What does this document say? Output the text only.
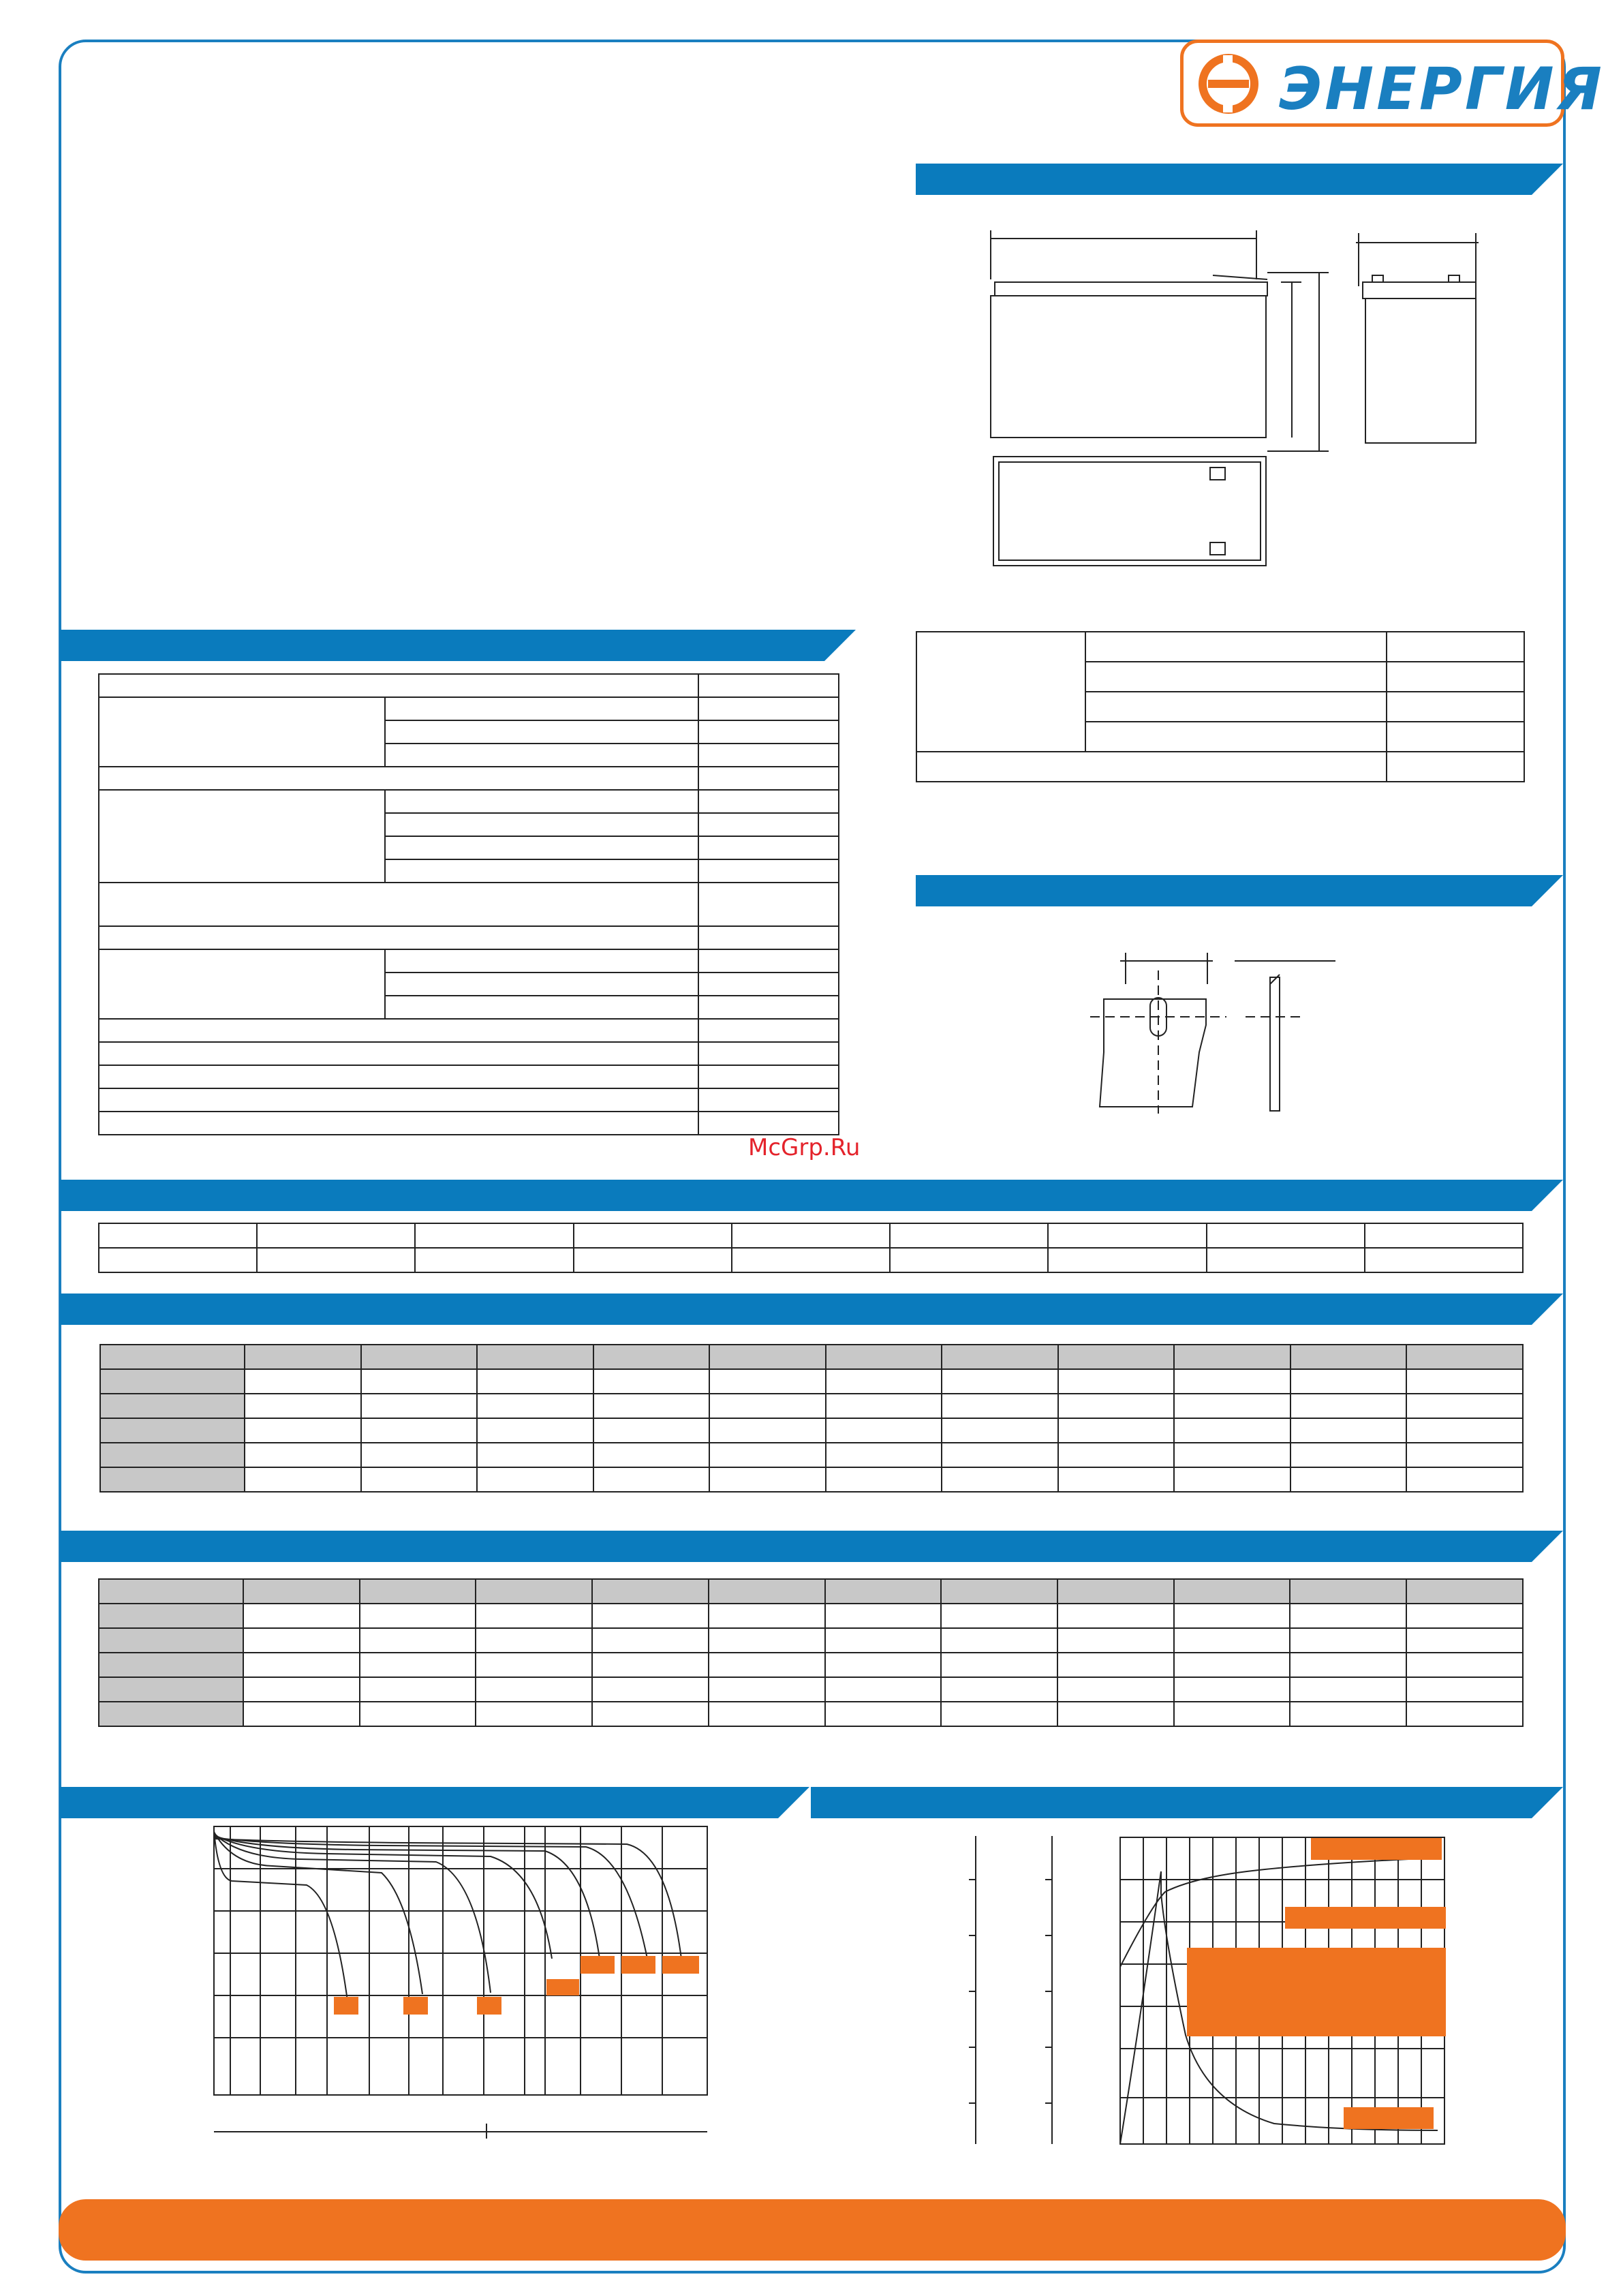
ЭНЕРГИЯ

McGrp.Ru
